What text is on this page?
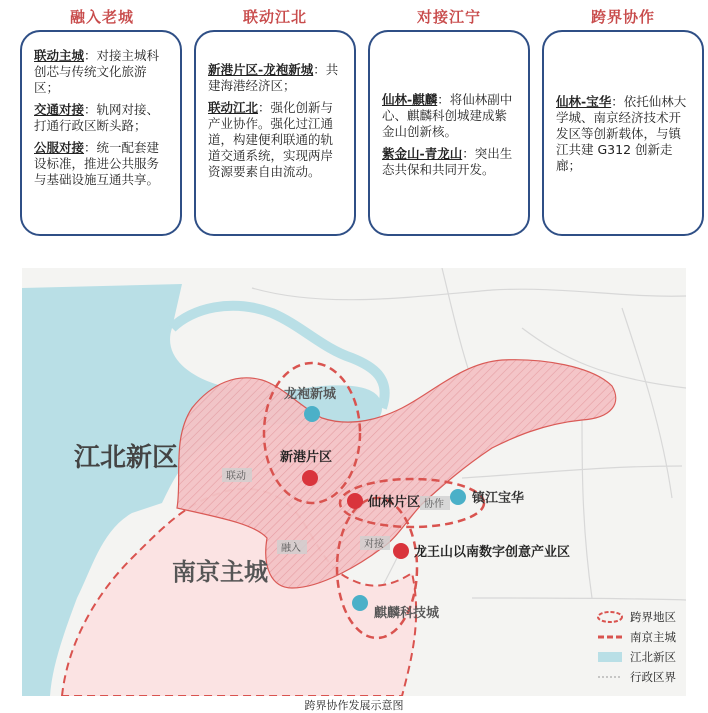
融入老城	联动江北	对接江宁	跨界协作

联动主城：对接主城科创芯与传统文化旅游区；

交通对接：轨网对接、打通行政区断头路；

公服对接：统一配套建设标准，推进公共服务与基础设施互通共享。

新港片区-龙袍新城：共建海港经济区；

联动江北：强化创新与产业协作。强化过江通道，构建便利联通的轨道交通系统，实现两岸资源要素自由流动。

仙林-麒麟：将仙林副中心、麒麟科创城建成紫金山创新核。

紫金山-青龙山：突出生态共保和共同开发。

仙林-宝华：依托仙林大学城、南京经济技术开发区等创新载体，与镇江共建 G312 创新走廊；

联动
融入	对接
协作
江北新区
南京主城
龙袍新城
新港片区
仙林片区	镇江宝华
龙王山以南数字创意产业区
麒麟科技城	跨界地区
南京主城
江北新区
行政区界
跨界协作发展示意图
